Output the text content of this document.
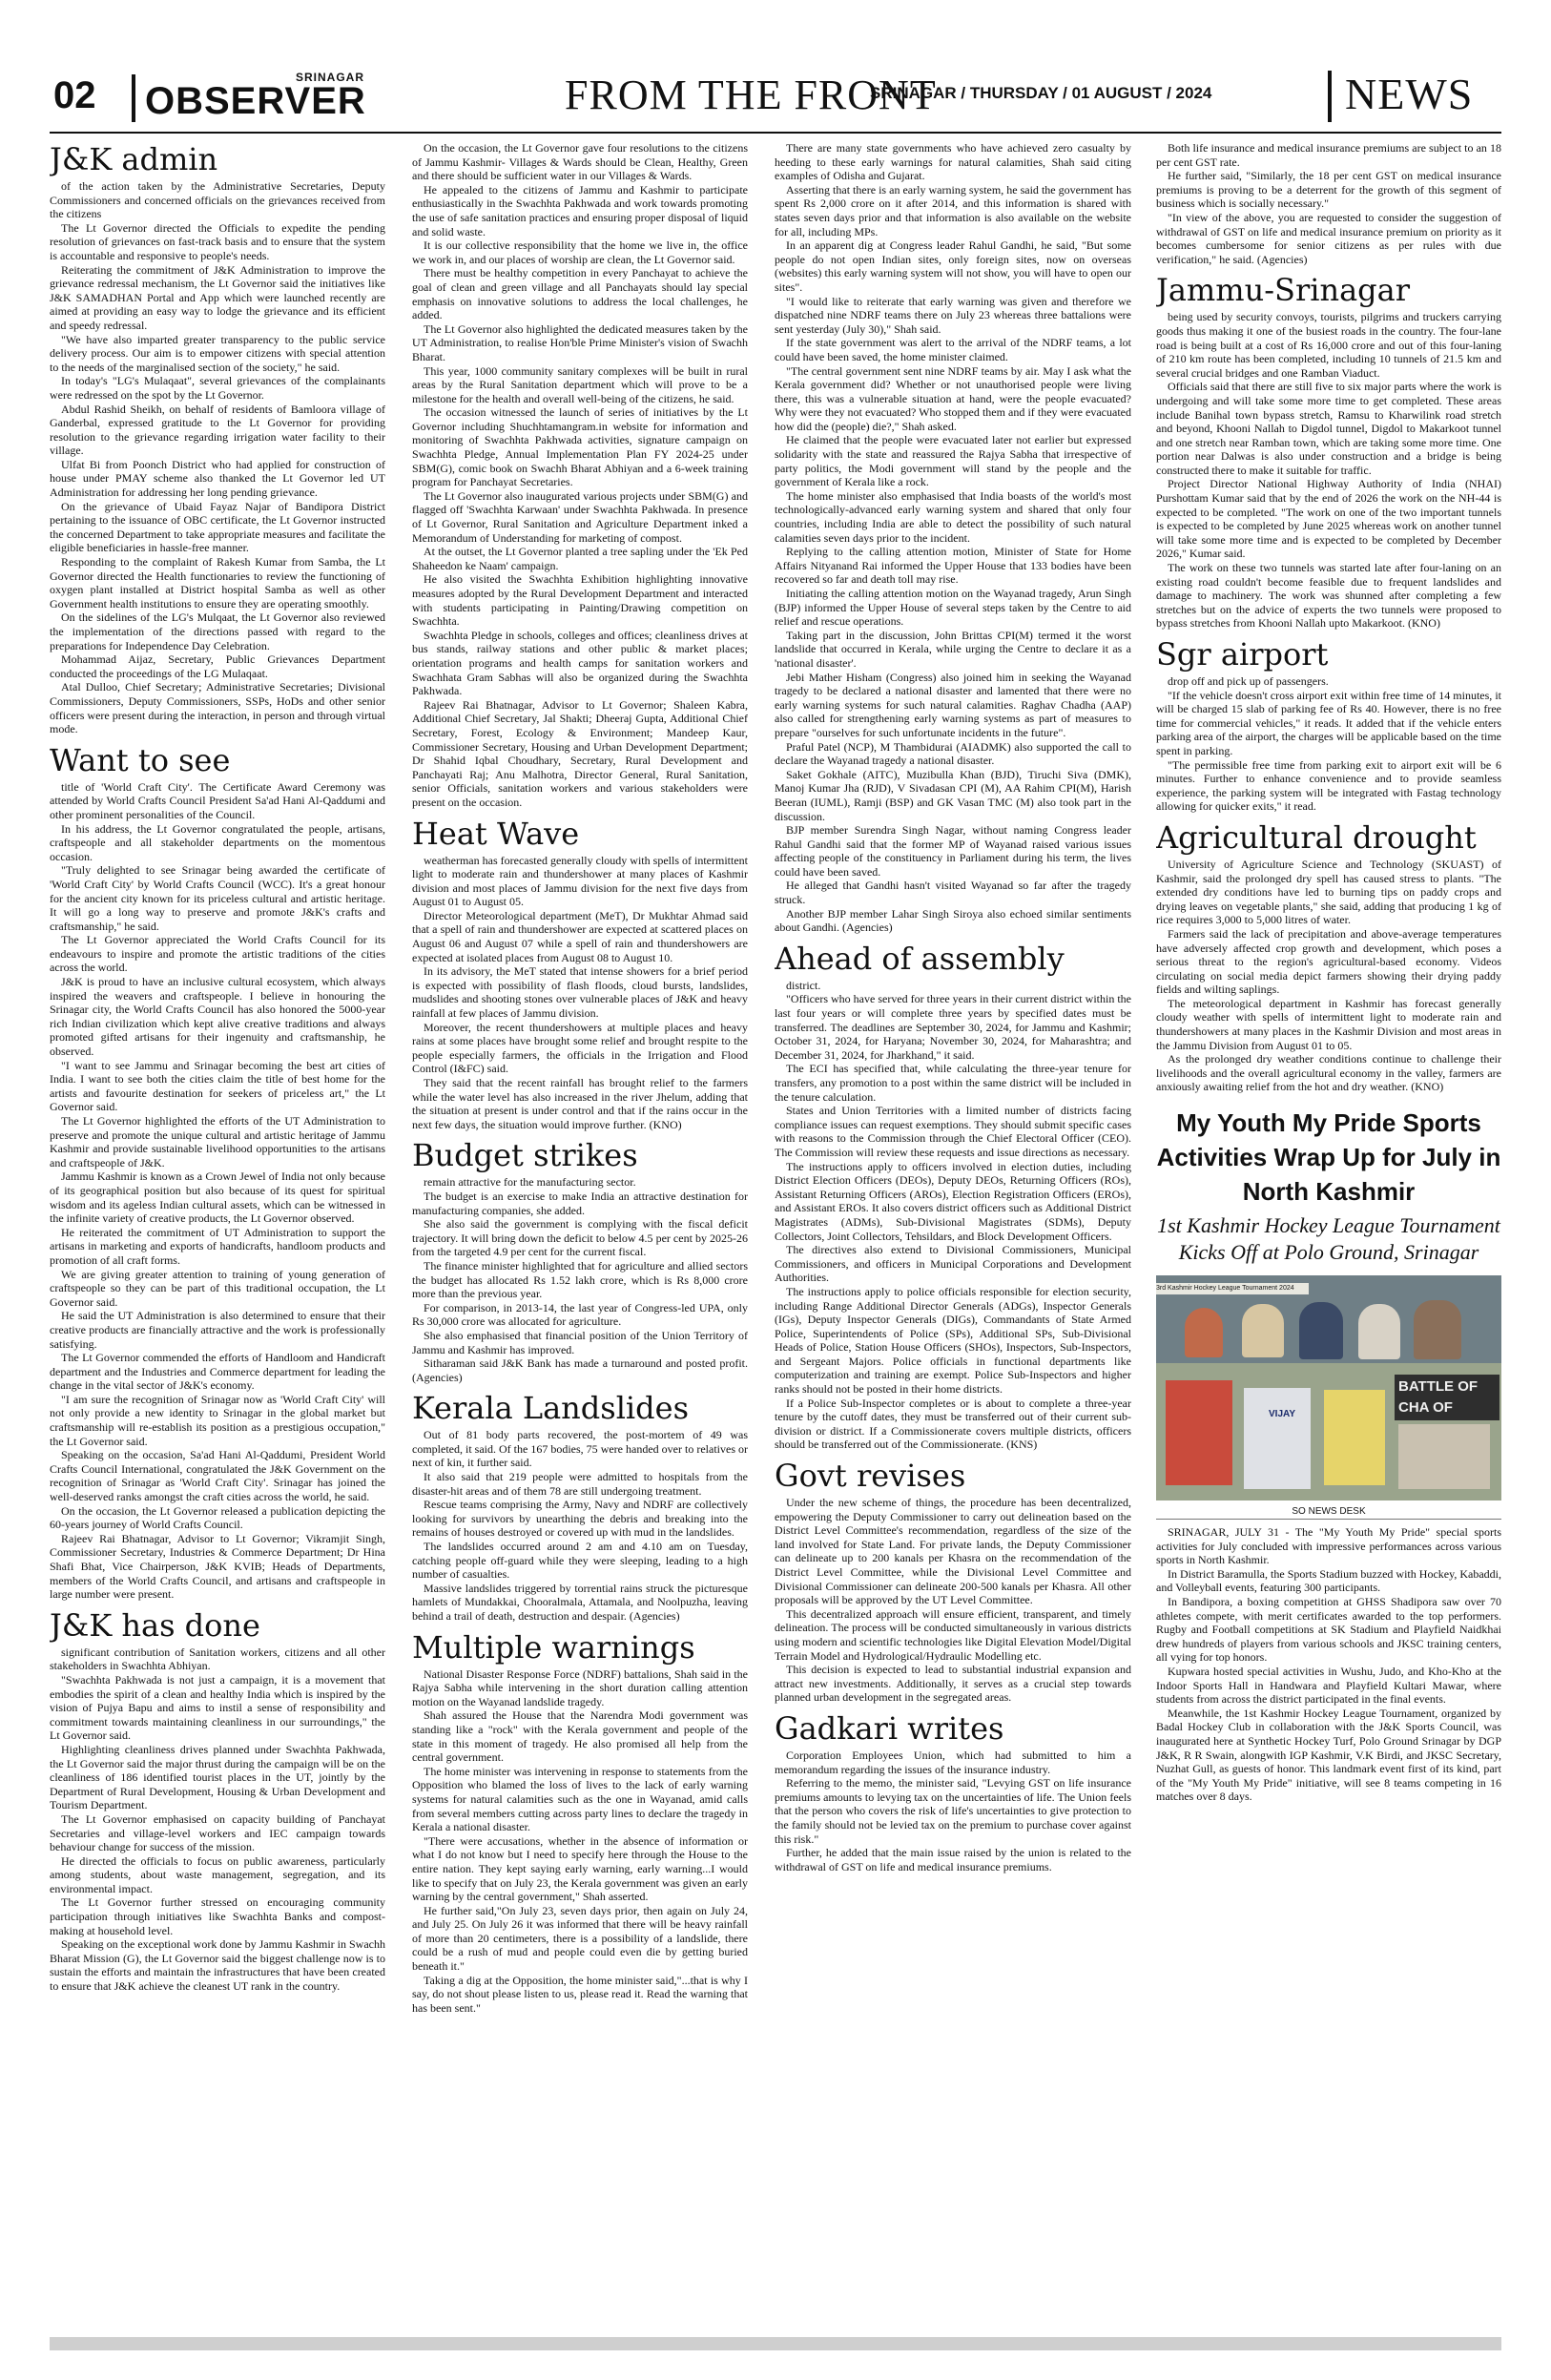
02	SRINAGAR
OBSERVER	FROM THE FRONT
SRINAGAR / THURSDAY / 01 AUGUST / 2024	NEWS
J&K admin

of the action taken by the Administrative Secretaries, Deputy Commissioners and concerned officials on the grievances received from the citizens

The Lt Governor directed the Officials to expedite the pending resolution of grievances on fast-track basis and to ensure that the system is accountable and responsive to people's needs.

Reiterating the commitment of J&K Administration to improve the grievance redressal mechanism, the Lt Governor said the initiatives like J&K SAMADHAN Portal and App which were launched recently are aimed at providing an easy way to lodge the grievance and its efficient and speedy redressal.

"We have also imparted greater transparency to the public service delivery process. Our aim is to empower citizens with special attention to the needs of the marginalised section of the society," he said.

In today's "LG's Mulaqaat", several grievances of the complainants were redressed on the spot by the Lt Governor.

Abdul Rashid Sheikh, on behalf of residents of Bamloora village of Ganderbal, expressed gratitude to the Lt Governor for providing resolution to the grievance regarding irrigation water facility to their village.

Ulfat Bi from Poonch District who had applied for construction of house under PMAY scheme also thanked the Lt Governor led UT Administration for addressing her long pending grievance.

On the grievance of Ubaid Fayaz Najar of Bandipora District pertaining to the issuance of OBC certificate, the Lt Governor instructed the concerned Department to take appropriate measures and facilitate the eligible beneficiaries in hassle-free manner.

Responding to the complaint of Rakesh Kumar from Samba, the Lt Governor directed the Health functionaries to review the functioning of oxygen plant installed at District hospital Samba as well as other Government health institutions to ensure they are operating smoothly.

On the sidelines of the LG's Mulqaat, the Lt Governor also reviewed the implementation of the directions passed with regard to the preparations for Independence Day Celebration.

Mohammad Aijaz, Secretary, Public Grievances Department conducted the proceedings of the LG Mulaqaat.

Atal Dulloo, Chief Secretary; Administrative Secretaries; Divisional Commissioners, Deputy Commissioners, SSPs, HoDs and other senior officers were present during the interaction, in person and through virtual mode.

Want to see

title of 'World Craft City'. The Certificate Award Ceremony was attended by World Crafts Council President Sa'ad Hani Al-Qaddumi and other prominent personalities of the Council.

In his address, the Lt Governor congratulated the people, artisans, craftspeople and all stakeholder departments on the momentous occasion.

"Truly delighted to see Srinagar being awarded the certificate of 'World Craft City' by World Crafts Council (WCC). It's a great honour for the ancient city known for its priceless cultural and artistic heritage. It will go a long way to preserve and promote J&K's crafts and craftsmanship," he said.

The Lt Governor appreciated the World Crafts Council for its endeavours to inspire and promote the artistic traditions of the cities across the world.

J&K is proud to have an inclusive cultural ecosystem, which always inspired the weavers and craftspeople. I believe in honouring the Srinagar city, the World Crafts Council has also honored the 5000-year rich Indian civilization which kept alive creative traditions and always promoted gifted artisans for their ingenuity and craftsmanship, he observed.

"I want to see Jammu and Srinagar becoming the best art cities of India. I want to see both the cities claim the title of best home for the artists and favourite destination for seekers of priceless art," the Lt Governor said.

The Lt Governor highlighted the efforts of the UT Administration to preserve and promote the unique cultural and artistic heritage of Jammu Kashmir and provide sustainable livelihood opportunities to the artisans and craftspeople of J&K.

Jammu Kashmir is known as a Crown Jewel of India not only because of its geographical position but also because of its quest for spiritual wisdom and its ageless Indian cultural assets, which can be witnessed in the infinite variety of creative products, the Lt Governor observed.

He reiterated the commitment of UT Administration to support the artisans in marketing and exports of handicrafts, handloom products and promotion of all craft forms.

We are giving greater attention to training of young generation of craftspeople so they can be part of this traditional occupation, the Lt Governor said.

He said the UT Administration is also determined to ensure that their creative products are financially attractive and the work is professionally satisfying.

The Lt Governor commended the efforts of Handloom and Handicraft department and the Industries and Commerce department for leading the change in the vital sector of J&K's economy.

"I am sure the recognition of Srinagar now as 'World Craft City' will not only provide a new identity to Srinagar in the global market but craftsmanship will re-establish its position as a prestigious occupation," the Lt Governor said.

Speaking on the occasion, Sa'ad Hani Al-Qaddumi, President World Crafts Council International, congratulated the J&K Government on the recognition of Srinagar as 'World Craft City'. Srinagar has joined the well-deserved ranks amongst the craft cities across the world, he said.

On the occasion, the Lt Governor released a publication depicting the 60-years journey of World Crafts Council.

Rajeev Rai Bhatnagar, Advisor to Lt Governor; Vikramjit Singh, Commissioner Secretary, Industries & Commerce Department; Dr Hina Shafi Bhat, Vice Chairperson, J&K KVIB; Heads of Departments, members of the World Crafts Council, and artisans and craftspeople in large number were present.

J&K has done

significant contribution of Sanitation workers, citizens and all other stakeholders in Swachhta Abhiyan.

"Swachhta Pakhwada is not just a campaign, it is a movement that embodies the spirit of a clean and healthy India which is inspired by the vision of Pujya Bapu and aims to instil a sense of responsibility and commitment towards maintaining cleanliness in our surroundings," the Lt Governor said.

Highlighting cleanliness drives planned under Swachhta Pakhwada, the Lt Governor said the major thrust during the campaign will be on the cleanliness of 186 identified tourist places in the UT, jointly by the Department of Rural Development, Housing & Urban Development and Tourism Department.

The Lt Governor emphasised on capacity building of Panchayat Secretaries and village-level workers and IEC campaign towards behaviour change for success of the mission.

He directed the officials to focus on public awareness, particularly among students, about waste management, segregation, and its environmental impact.

The Lt Governor further stressed on encouraging community participation through initiatives like Swachhta Banks and compost-making at household level.

Speaking on the exceptional work done by Jammu Kashmir in Swachh Bharat Mission (G), the Lt Governor said the biggest challenge now is to sustain the efforts and maintain the infrastructures that have been created to ensure that J&K achieve the cleanest UT rank in the country.

On the occasion, the Lt Governor gave four resolutions to the citizens of Jammu Kashmir- Villages & Wards should be Clean, Healthy, Green and there should be sufficient water in our Villages & Wards.

He appealed to the citizens of Jammu and Kashmir to participate enthusiastically in the Swachhta Pakhwada and work towards promoting the use of safe sanitation practices and ensuring proper disposal of liquid and solid waste.

It is our collective responsibility that the home we live in, the office we work in, and our places of worship are clean, the Lt Governor said.

There must be healthy competition in every Panchayat to achieve the goal of clean and green village and all Panchayats should lay special emphasis on innovative solutions to address the local challenges, he added.

The Lt Governor also highlighted the dedicated measures taken by the UT Administration, to realise Hon'ble Prime Minister's vision of Swachh Bharat.

This year, 1000 community sanitary complexes will be built in rural areas by the Rural Sanitation department which will prove to be a milestone for the health and overall well-being of the citizens, he said.

The occasion witnessed the launch of series of initiatives by the Lt Governor including Shuchhtamangram.in website for information and monitoring of Swachhta Pakhwada activities, signature campaign on Swachhta Pledge, Annual Implementation Plan FY 2024-25 under SBM(G), comic book on Swachh Bharat Abhiyan and a 6-week training program for Panchayat Secretaries.

The Lt Governor also inaugurated various projects under SBM(G) and flagged off 'Swachhta Karwaan' under Swachhta Pakhwada. In presence of Lt Governor, Rural Sanitation and Agriculture Department inked a Memorandum of Understanding for marketing of compost.

At the outset, the Lt Governor planted a tree sapling under the 'Ek Ped Shaheedon ke Naam' campaign.

He also visited the Swachhta Exhibition highlighting innovative measures adopted by the Rural Development Department and interacted with students participating in Painting/Drawing competition on Swachhta.

Swachhta Pledge in schools, colleges and offices; cleanliness drives at bus stands, railway stations and other public & market places; orientation programs and health camps for sanitation workers and Swachhata Gram Sabhas will also be organized during the Swachhta Pakhwada.

Rajeev Rai Bhatnagar, Advisor to Lt Governor; Shaleen Kabra, Additional Chief Secretary, Jal Shakti; Dheeraj Gupta, Additional Chief Secretary, Forest, Ecology & Environment; Mandeep Kaur, Commissioner Secretary, Housing and Urban Development Department; Dr Shahid Iqbal Choudhary, Secretary, Rural Development and Panchayati Raj; Anu Malhotra, Director General, Rural Sanitation, senior Officials, sanitation workers and various stakeholders were present on the occasion.

Heat Wave

weatherman has forecasted generally cloudy with spells of intermittent light to moderate rain and thundershower at many places of Kashmir division and most places of Jammu division for the next five days from August 01 to August 05.

Director Meteorological department (MeT), Dr Mukhtar Ahmad said that a spell of rain and thundershower are expected at scattered places on August 06 and August 07 while a spell of rain and thundershowers are expected at isolated places from August 08 to August 10.

In its advisory, the MeT stated that intense showers for a brief period is expected with possibility of flash floods, cloud bursts, landslides, mudslides and shooting stones over vulnerable places of J&K and heavy rainfall at few places of Jammu division.

Moreover, the recent thundershowers at multiple places and heavy rains at some places have brought some relief and brought respite to the people especially farmers, the officials in the Irrigation and Flood Control (I&FC) said.

They said that the recent rainfall has brought relief to the farmers while the water level has also increased in the river Jhelum, adding that the situation at present is under control and that if the rains occur in the next few days, the situation would improve further. (KNO)

Budget strikes

remain attractive for the manufacturing sector.

The budget is an exercise to make India an attractive destination for manufacturing companies, she added.

She also said the government is complying with the fiscal deficit trajectory. It will bring down the deficit to below 4.5 per cent by 2025-26 from the targeted 4.9 per cent for the current fiscal.

The finance minister highlighted that for agriculture and allied sectors the budget has allocated Rs 1.52 lakh crore, which is Rs 8,000 crore more than the previous year.

For comparison, in 2013-14, the last year of Congress-led UPA, only Rs 30,000 crore was allocated for agriculture.

She also emphasised that financial position of the Union Territory of Jammu and Kashmir has improved.

Sitharaman said J&K Bank has made a turnaround and posted profit. (Agencies)

Kerala Landslides

Out of 81 body parts recovered, the post-mortem of 49 was completed, it said. Of the 167 bodies, 75 were handed over to relatives or next of kin, it further said.

It also said that 219 people were admitted to hospitals from the disaster-hit areas and of them 78 are still undergoing treatment.

Rescue teams comprising the Army, Navy and NDRF are collectively looking for survivors by unearthing the debris and breaking into the remains of houses destroyed or covered up with mud in the landslides.

The landslides occurred around 2 am and 4.10 am on Tuesday, catching people off-guard while they were sleeping, leading to a high number of casualties.

Massive landslides triggered by torrential rains struck the picturesque hamlets of Mundakkai, Chooralmala, Attamala, and Noolpuzha, leaving behind a trail of death, destruction and despair. (Agencies)

Multiple warnings

National Disaster Response Force (NDRF) battalions, Shah said in the Rajya Sabha while intervening in the short duration calling attention motion on the Wayanad landslide tragedy.

Shah assured the House that the Narendra Modi government was standing like a "rock" with the Kerala government and people of the state in this moment of tragedy. He also promised all help from the central government.

The home minister was intervening in response to statements from the Opposition who blamed the loss of lives to the lack of early warning systems for natural calamities such as the one in Wayanad, amid calls from several members cutting across party lines to declare the tragedy in Kerala a national disaster.

"There were accusations, whether in the absence of information or what I do not know but I need to specify here through the House to the entire nation. They kept saying early warning, early warning...I would like to specify that on July 23, the Kerala government was given an early warning by the central government," Shah asserted.

He further said,"On July 23, seven days prior, then again on July 24, and July 25. On July 26 it was informed that there will be heavy rainfall of more than 20 centimeters, there is a possibility of a landslide, there could be a rush of mud and people could even die by getting buried beneath it."

Taking a dig at the Opposition, the home minister said,"...that is why I say, do not shout please listen to us, please read it. Read the warning that has been sent."

There are many state governments who have achieved zero casualty by heeding to these early warnings for natural calamities, Shah said citing examples of Odisha and Gujarat.

Asserting that there is an early warning system, he said the government has spent Rs 2,000 crore on it after 2014, and this information is shared with states seven days prior and that information is also available on the website for all, including MPs.

In an apparent dig at Congress leader Rahul Gandhi, he said, "But some people do not open Indian sites, only foreign sites, now on overseas (websites) this early warning system will not show, you will have to open our sites".

"I would like to reiterate that early warning was given and therefore we dispatched nine NDRF teams there on July 23 whereas three battalions were sent yesterday (July 30)," Shah said.

If the state government was alert to the arrival of the NDRF teams, a lot could have been saved, the home minister claimed.

"The central government sent nine NDRF teams by air. May I ask what the Kerala government did? Whether or not unauthorised people were living there, this was a vulnerable situation at hand, were the people evacuated? Why were they not evacuated? Who stopped them and if they were evacuated how did the (people) die?," Shah asked.

He claimed that the people were evacuated later not earlier but expressed solidarity with the state and reassured the Rajya Sabha that irrespective of party politics, the Modi government will stand by the people and the government of Kerala like a rock.

The home minister also emphasised that India boasts of the world's most technologically-advanced early warning system and shared that only four countries, including India are able to detect the possibility of such natural calamities seven days prior to the incident.

Replying to the calling attention motion, Minister of State for Home Affairs Nityanand Rai informed the Upper House that 133 bodies have been recovered so far and death toll may rise.

Initiating the calling attention motion on the Wayanad tragedy, Arun Singh (BJP) informed the Upper House of several steps taken by the Centre to aid relief and rescue operations.

Taking part in the discussion, John Brittas CPI(M) termed it the worst landslide that occurred in Kerala, while urging the Centre to declare it as a 'national disaster'.

Jebi Mather Hisham (Congress) also joined him in seeking the Wayanad tragedy to be declared a national disaster and lamented that there were no early warning systems for such natural calamities. Raghav Chadha (AAP) also called for strengthening early warning systems as part of measures to prepare "ourselves for such unfortunate incidents in the future".

Praful Patel (NCP), M Thambidurai (AIADMK) also supported the call to declare the Wayanad tragedy a national disaster.

Saket Gokhale (AITC), Muzibulla Khan (BJD), Tiruchi Siva (DMK), Manoj Kumar Jha (RJD), V Sivadasan CPI (M), AA Rahim CPI(M), Harish Beeran (IUML), Ramji (BSP) and GK Vasan TMC (M) also took part in the discussion.

BJP member Surendra Singh Nagar, without naming Congress leader Rahul Gandhi said that the former MP of Wayanad raised various issues affecting people of the constituency in Parliament during his term, the lives could have been saved.

He alleged that Gandhi hasn't visited Wayanad so far after the tragedy struck.

Another BJP member Lahar Singh Siroya also echoed similar sentiments about Gandhi. (Agencies)

Ahead of assembly

district.

"Officers who have served for three years in their current district within the last four years or will complete three years by specified dates must be transferred. The deadlines are September 30, 2024, for Jammu and Kashmir; October 31, 2024, for Haryana; November 30, 2024, for Maharashtra; and December 31, 2024, for Jharkhand," it said.

The ECI has specified that, while calculating the three-year tenure for transfers, any promotion to a post within the same district will be included in the tenure calculation.

States and Union Territories with a limited number of districts facing compliance issues can request exemptions. They should submit specific cases with reasons to the Commission through the Chief Electoral Officer (CEO). The Commission will review these requests and issue directions as necessary.

The instructions apply to officers involved in election duties, including District Election Officers (DEOs), Deputy DEOs, Returning Officers (ROs), Assistant Returning Officers (AROs), Election Registration Officers (EROs), and Assistant EROs. It also covers district officers such as Additional District Magistrates (ADMs), Sub-Divisional Magistrates (SDMs), Deputy Collectors, Joint Collectors, Tehsildars, and Block Development Officers.

The directives also extend to Divisional Commissioners, Municipal Commissioners, and officers in Municipal Corporations and Development Authorities.

The instructions apply to police officials responsible for election security, including Range Additional Director Generals (ADGs), Inspector Generals (IGs), Deputy Inspector Generals (DIGs), Commandants of State Armed Police, Superintendents of Police (SPs), Additional SPs, Sub-Divisional Heads of Police, Station House Officers (SHOs), Inspectors, Sub-Inspectors, and Sergeant Majors. Police officials in functional departments like computerization and training are exempt. Police Sub-Inspectors and higher ranks should not be posted in their home districts.

If a Police Sub-Inspector completes or is about to complete a three-year tenure by the cutoff dates, they must be transferred out of their current sub-division or district. If a Commissionerate covers multiple districts, officers should be transferred out of the Commissionerate. (KNS)

Govt revises

Under the new scheme of things, the procedure has been decentralized, empowering the Deputy Commissioner to carry out delineation based on the District Level Committee's recommendation, regardless of the size of the land involved for State Land. For private lands, the Deputy Commissioner can delineate up to 200 kanals per Khasra on the recommendation of the District Level Committee, while the Divisional Level Committee and Divisional Commissioner can delineate 200-500 kanals per Khasra. All other proposals will be approved by the UT Level Committee.

This decentralized approach will ensure efficient, transparent, and timely delineation. The process will be conducted simultaneously in various districts using modern and scientific technologies like Digital Elevation Model/Digital Terrain Model and Hydrological/Hydraulic Modelling etc.

This decision is expected to lead to substantial industrial expansion and attract new investments. Additionally, it serves as a crucial step towards planned urban development in the segregated areas.

Gadkari writes

Corporation Employees Union, which had submitted to him a memorandum regarding the issues of the insurance industry.

Referring to the memo, the minister said, "Levying GST on life insurance premiums amounts to levying tax on the uncertainties of life. The Union feels that the person who covers the risk of life's uncertainties to give protection to the family should not be levied tax on the premium to purchase cover against this risk."

Further, he added that the main issue raised by the union is related to the withdrawal of GST on life and medical insurance premiums.

Both life insurance and medical insurance premiums are subject to an 18 per cent GST rate.

He further said, "Similarly, the 18 per cent GST on medical insurance premiums is proving to be a deterrent for the growth of this segment of business which is socially necessary."

"In view of the above, you are requested to consider the suggestion of withdrawal of GST on life and medical insurance premium on priority as it becomes cumbersome for senior citizens as per rules with due verification," he said. (Agencies)

Jammu-Srinagar

being used by security convoys, tourists, pilgrims and truckers carrying goods thus making it one of the busiest roads in the country. The four-lane road is being built at a cost of Rs 16,000 crore and out of this four-laning of 210 km route has been completed, including 10 tunnels of 21.5 km and several crucial bridges and one Ramban Viaduct.

Officials said that there are still five to six major parts where the work is undergoing and will take some more time to get completed. These areas include Banihal town bypass stretch, Ramsu to Kharwilink road stretch and beyond, Khooni Nallah to Digdol tunnel, Digdol to Makarkoot tunnel and one stretch near Ramban town, which are taking some more time. One portion near Dalwas is also under construction and a bridge is being constructed there to make it suitable for traffic.

Project Director National Highway Authority of India (NHAI) Purshottam Kumar said that by the end of 2026 the work on the NH-44 is expected to be completed. "The work on one of the two important tunnels is expected to be completed by June 2025 whereas work on another tunnel will take some more time and is expected to be completed by December 2026," Kumar said.

The work on these two tunnels was started late after four-laning on an existing road couldn't become feasible due to frequent landslides and damage to machinery. The work was shunned after completing a few stretches but on the advice of experts the two tunnels were proposed to bypass stretches from Khooni Nallah upto Makarkoot. (KNO)

Sgr airport

drop off and pick up of passengers.

"If the vehicle doesn't cross airport exit within free time of 14 minutes, it will be charged 15 slab of parking fee of Rs 40. However, there is no free time for commercial vehicles," it reads. It added that if the vehicle enters parking area of the airport, the charges will be applicable based on the time spent in parking.

"The permissible free time from parking exit to airport exit will be 6 minutes. Further to enhance convenience and to provide seamless experience, the parking system will be integrated with Fastag technology allowing for quicker exits," it read.

Agricultural drought

University of Agriculture Science and Technology (SKUAST) of Kashmir, said the prolonged dry spell has caused stress to plants. "The extended dry conditions have led to burning tips on paddy crops and drying leaves on vegetable plants," she said, adding that producing 1 kg of rice requires 3,000 to 5,000 litres of water.

Farmers said the lack of precipitation and above-average temperatures have adversely affected crop growth and development, which poses a serious threat to the region's agricultural-based economy. Videos circulating on social media depict farmers showing their drying paddy fields and wilting saplings.

The meteorological department in Kashmir has forecast generally cloudy weather with spells of intermittent light to moderate rain and thundershowers at many places in the Kashmir Division and most areas in the Jammu Division from August 01 to 05.

As the prolonged dry weather conditions continue to challenge their livelihoods and the overall agricultural economy in the valley, farmers are anxiously awaiting relief from the hot and dry weather. (KNO)

My Youth My Pride Sports Activities Wrap Up for July in North Kashmir
1st Kashmir Hockey League Tournament Kicks Off at Polo Ground, Srinagar
3rd Kashmir Hockey League Tournament 2024
VIJAY
BATTLE OF CHA OF
SO NEWS DESK

SRINAGAR, JULY 31 - The "My Youth My Pride" special sports activities for July concluded with impressive performances across various sports in North Kashmir.

In District Baramulla, the Sports Stadium buzzed with Hockey, Kabaddi, and Volleyball events, featuring 300 participants.

In Bandipora, a boxing competition at GHSS Shadipora saw over 70 athletes compete, with merit certificates awarded to the top performers. Rugby and Football competitions at SK Stadium and Playfield Naidkhai drew hundreds of players from various schools and JKSC training centers, all vying for top honors.

Kupwara hosted special activities in Wushu, Judo, and Kho-Kho at the Indoor Sports Hall in Handwara and Playfield Kultari Mawar, where students from across the district participated in the final events.

Meanwhile, the 1st Kashmir Hockey League Tournament, organized by Badal Hockey Club in collaboration with the J&K Sports Council, was inaugurated here at Synthetic Hockey Turf, Polo Ground Srinagar by DGP J&K, R R Swain, alongwith IGP Kashmir, V.K Birdi, and JKSC Secretary, Nuzhat Gull, as guests of honor. This landmark event first of its kind, part of the "My Youth My Pride" initiative, will see 8 teams competing in 16 matches over 8 days.
